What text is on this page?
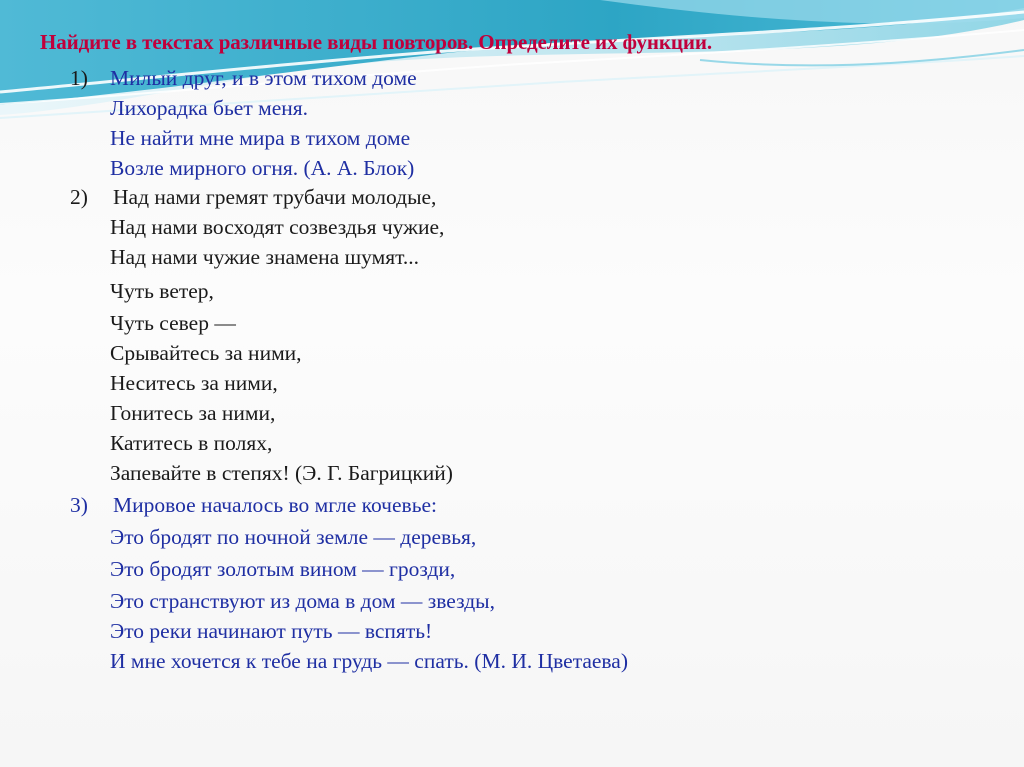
Найдите в текстах различные виды повторов. Определите их функции.
1) Милый друг, и в этом тихом доме
Лихорадка бьет меня.
Не найти мне мира в тихом доме
Возле мирного огня. (А. А. Блок)
2) Над нами гремят трубачи молодые,
Над нами восходят созвездья чужие,
Над нами чужие знамена шумят...
Чуть ветер,
Чуть север —
Срывайтесь за ними,
Неситесь за ними,
Гонитесь за ними,
Катитесь в полях,
Запевайте в степях! (Э. Г. Багрицкий)
3) Мировое началось во мгле кочевье:
Это бродят по ночной земле — деревья,
Это бродят золотым вином — грозди,
Это странствуют из дома в дом — звезды,
Это реки начинают путь — вспять!
И мне хочется к тебе на грудь — спать. (М. И. Цветаева)
